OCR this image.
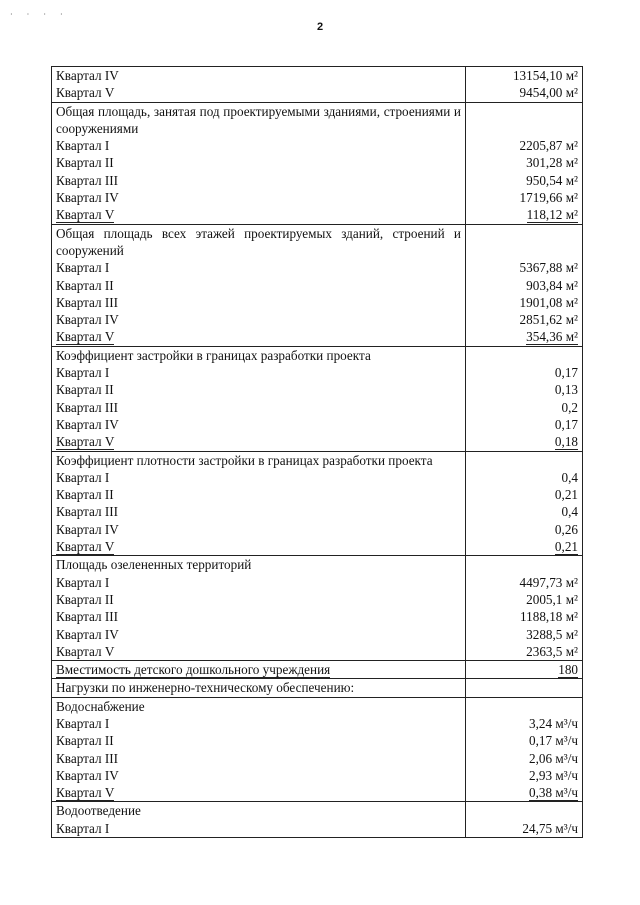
· · · ·
2
Квартал IV	13154,10 м²
Квартал V	9454,00 м²
Общая площадь, занятая под проектируемыми зданиями, строениями и сооружениями	
Квартал I	2205,87 м²
Квартал II	301,28 м²
Квартал III	950,54 м²
Квартал IV	1719,66 м²
Квартал V	118,12 м²
Общая площадь всех этажей проектируемых зданий, строений и сооружений	
Квартал I	5367,88 м²
Квартал II	903,84 м²
Квартал III	1901,08 м²
Квартал IV	2851,62 м²
Квартал V	354,36 м²
Коэффициент застройки в границах разработки проекта	
Квартал I	0,17
Квартал II	0,13
Квартал III	0,2
Квартал IV	0,17
Квартал V	0,18
Коэффициент плотности застройки в границах разработки проекта	
Квартал I	0,4
Квартал II	0,21
Квартал III	0,4
Квартал IV	0,26
Квартал V	0,21
Площадь озелененных территорий	
Квартал I	4497,73 м²
Квартал II	2005,1 м²
Квартал III	1188,18 м²
Квартал IV	3288,5 м²
Квартал V	2363,5 м²
Вместимость детского дошкольного учреждения	180
Нагрузки по инженерно-техническому обеспечению:	
Водоснабжение	
Квартал I	3,24 м³/ч
Квартал II	0,17 м³/ч
Квартал III	2,06 м³/ч
Квартал IV	2,93 м³/ч
Квартал V	0,38 м³/ч
Водоотведение	
Квартал I	24,75 м³/ч
